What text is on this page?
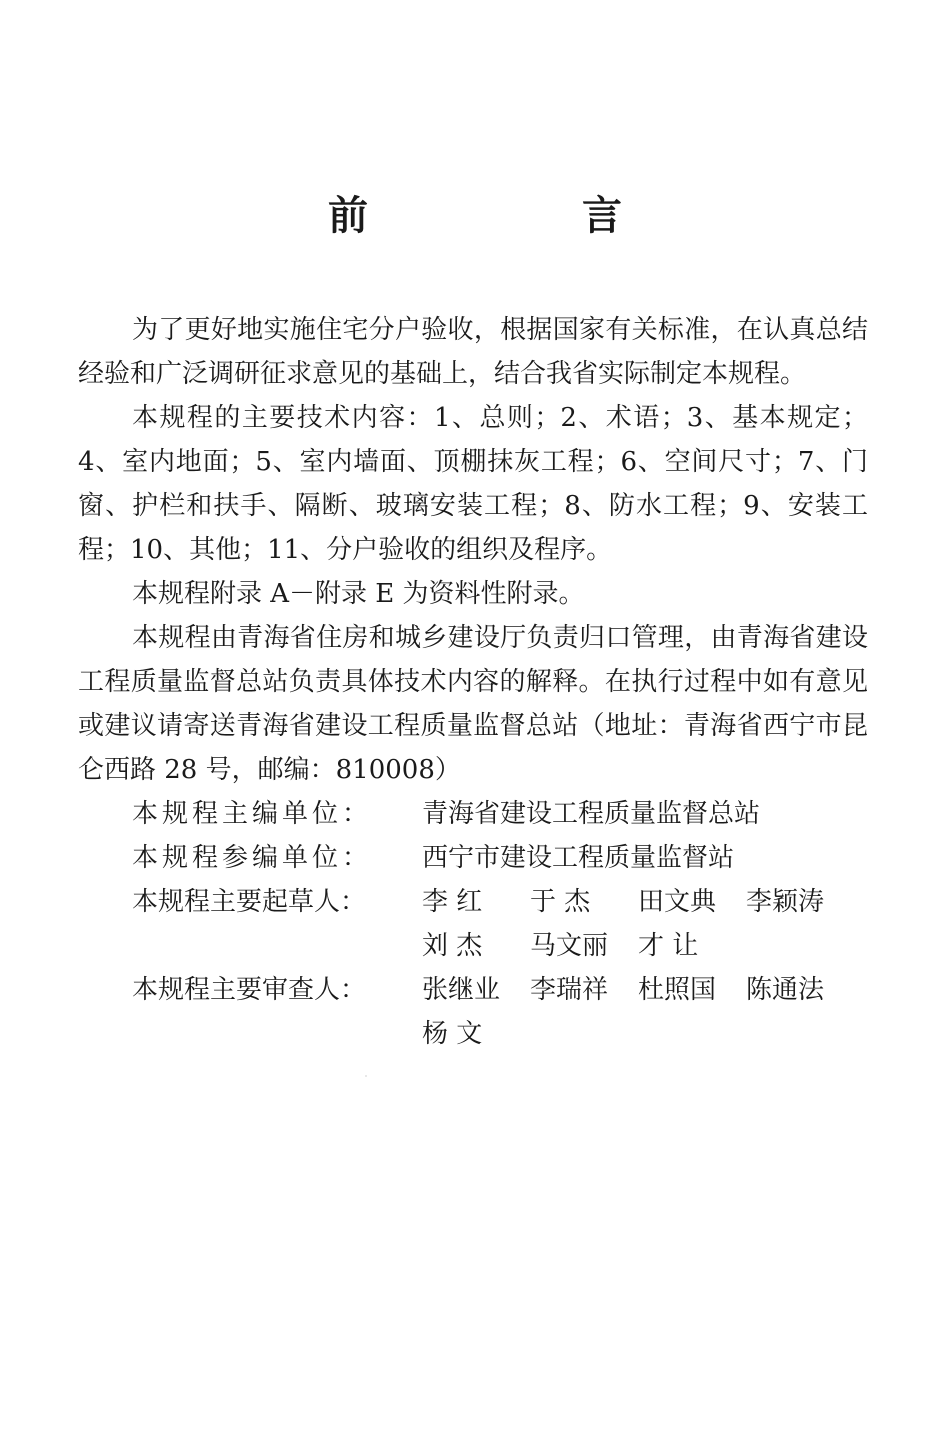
前 言

为了更好地实施住宅分户验收，根据国家有关标准，在认真总结经验和广泛调研征求意见的基础上，结合我省实际制定本规程。

本规程的主要技术内容：1、总则；2、术语；3、基本规定；4、室内地面；5、室内墙面、顶棚抹灰工程；6、空间尺寸；7、门窗、护栏和扶手、隔断、玻璃安装工程；8、防水工程；9、安装工程；10、其他；11、分户验收的组织及程序。

本规程附录 A－附录 E 为资料性附录。

本规程由青海省住房和城乡建设厅负责归口管理，由青海省建设工程质量监督总站负责具体技术内容的解释。在执行过程中如有意见或建议请寄送青海省建设工程质量监督总站（地址：青海省西宁市昆仑西路 28 号，邮编：810008）

本规程主编单位：	青海省建设工程质量监督总站
本规程参编单位：	西宁市建设工程质量监督站
本规程主要起草人：	李 红	于 杰	田文典	李颖涛
刘 杰	马文丽	才 让
本规程主要审查人：	张继业	李瑞祥	杜照国	陈通法
杨 文
